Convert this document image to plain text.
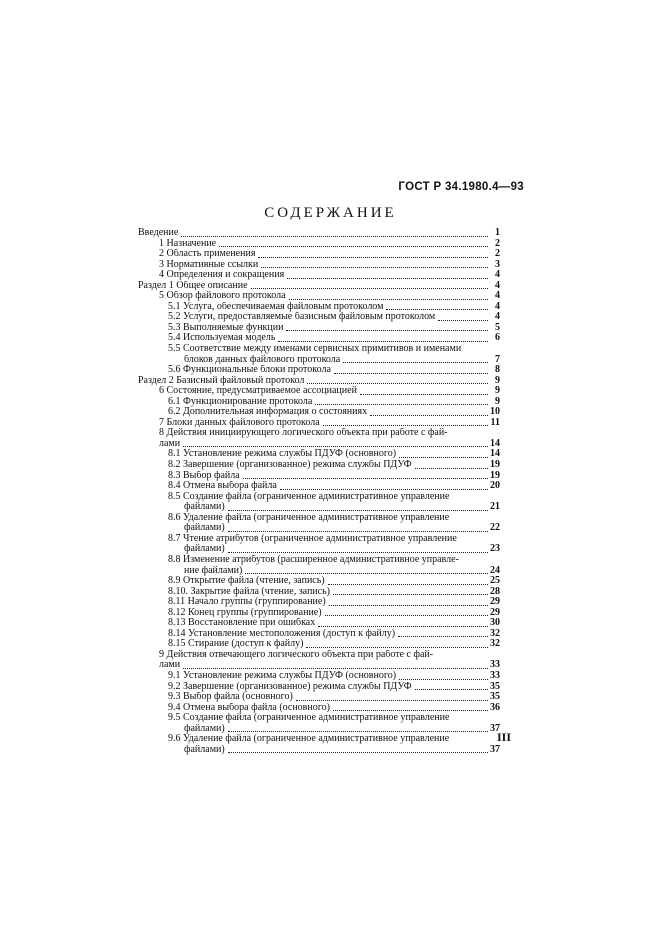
ГОСТ Р 34.1980.4—93
СОДЕРЖАНИЕ
Введение	1
1 Назначение	2
2 Область применения	2
3 Нормативные ссылки	3
4 Определения и сокращения	4
Раздел 1 Общее описание	4
5 Обзор файлового протокола	4
5.1 Услуга, обеспечиваемая файловым протоколом	4
5.2 Услуги, предоставляемые базисным файловым протоколом	4
5.3 Выполняемые функции	5
5.4 Используемая модель	6
5.5 Соответствие между именами сервисных примитивов и именами
блоков данных файлового протокола	7
5.6 Функциональные блоки протокола	8
Раздел 2 Базисный файловый протокол	9
6 Состояние, предусматриваемое ассоциацией	9
6.1 Функционирование протокола	9
6.2 Дополнительная информация о состояниях	10
7 Блоки данных файлового протокола	11
8 Действия инициирующего логического объекта при работе с фай-
лами	14
8.1 Установление режима службы ПДУФ (основного)	14
8.2 Завершение (организованное) режима службы ПДУФ	19
8.3 Выбор файла	19
8.4 Отмена выбора файла	20
8.5 Создание файла (ограниченное административное управление
файлами)	21
8.6 Удаление файла (ограниченное административное управление
файлами)	22
8.7 Чтение атрибутов (ограниченное административное управление
файлами)	23
8.8 Изменение атрибутов (расширенное административное управле-
ние файлами)	24
8.9 Открытие файла (чтение, запись)	25
8.10. Закрытие файла (чтение, запись)	28
8.11 Начало группы (группирование)	29
8.12 Конец группы (группирование)	29
8.13 Восстановление при ошибках	30
8.14 Установление местоположения (доступ к файлу)	32
8.15 Стирание (доступ к файлу)	32
9 Действия отвечающего логического объекта при работе с фай-
лами	33
9.1 Установление режима службы ПДУФ (основного)	33
9.2 Завершение (организованное) режима службы ПДУФ	35
9.3 Выбор файла (основного)	35
9.4 Отмена выбора файла (основного)	36
9.5 Создание файла (ограниченное административное управление
файлами)	37
9.6 Удаление файла (ограниченное административное управление
файлами)	37
III
